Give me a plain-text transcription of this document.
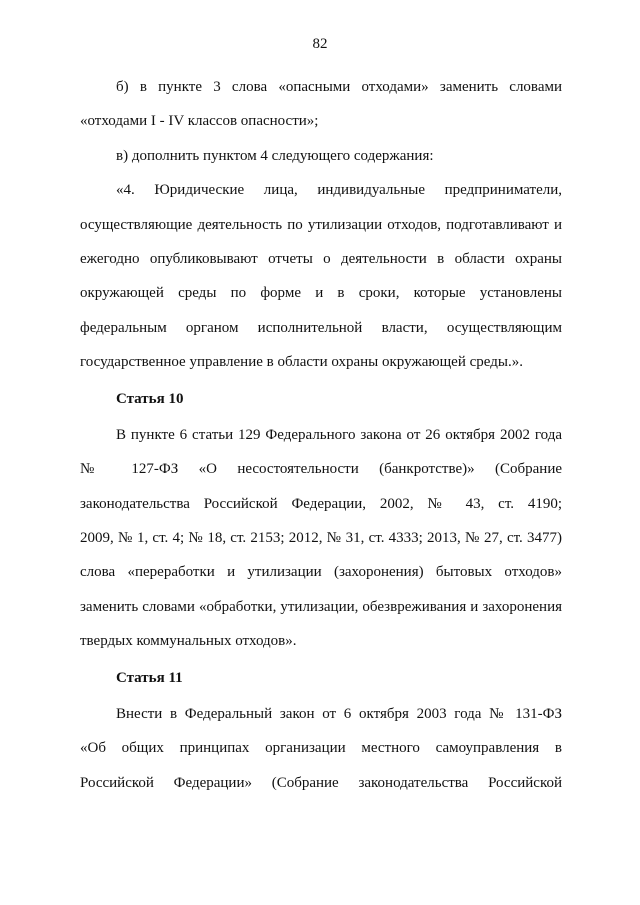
82
б) в пункте 3 слова «опасными отходами» заменить словами
«отходами I - IV классов опасности»;
в) дополнить пунктом 4 следующего содержания:
«4. Юридические лица, индивидуальные предприниматели,
осуществляющие деятельность по утилизации отходов, подготавливают и
ежегодно опубликовывают отчеты о деятельности в области охраны
окружающей среды по форме и в сроки, которые установлены
федеральным органом исполнительной власти, осуществляющим
государственное управление в области охраны окружающей среды.».
Статья 10
В пункте 6 статьи 129 Федерального закона от 26 октября 2002 года
№ 127-ФЗ «О несостоятельности (банкротстве)» (Собрание
законодательства Российской Федерации, 2002, № 43, ст. 4190;
2009, № 1, ст. 4; № 18, ст. 2153; 2012, № 31, ст. 4333; 2013, № 27, ст. 3477)
слова «переработки и утилизации (захоронения) бытовых отходов»
заменить словами «обработки, утилизации, обезвреживания и захоронения
твердых коммунальных отходов».
Статья 11
Внести в Федеральный закон от 6 октября 2003 года № 131-ФЗ
«Об общих принципах организации местного самоуправления в
Российской Федерации» (Собрание законодательства Российской
